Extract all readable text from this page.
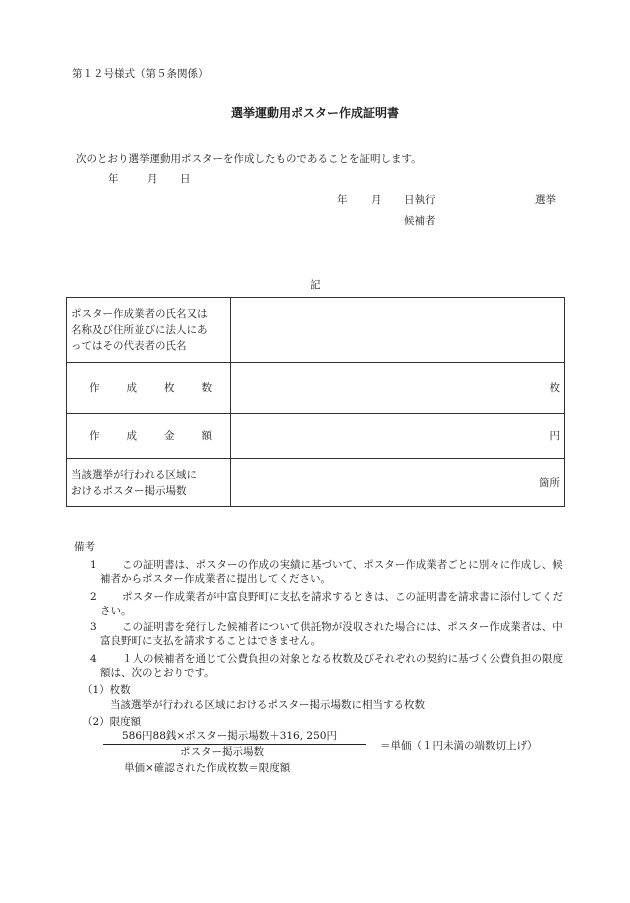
第１２号様式（第５条関係）
選挙運動用ポスター作成証明書
次のとおり選挙運動用ポスターを作成したものであることを証明します。
年	月 日
年 月 日執行	選挙
候補者
記
ポスター作成業者の氏名又は
名称及び住所並びに法人にあ
ってはその代表者の氏名	

作成枚数	枚

作成金額	円

当該選挙が行われる区域に
おけるポスター掲示場数	箇所
備考
1	この証明書は、ポスターの作成の実績に基づいて、ポスター作成業者ごとに別々に作成し、候補者からポスター作成業者に提出してください。
2	ポスター作成業者が中富良野町に支払を請求するときは、この証明書を請求書に添付してください。
3	この証明書を発行した候補者について供託物が没収された場合には、ポスター作成業者は、中富良野町に支払を請求することはできません。
4	１人の候補者を通じて公費負担の対象となる枚数及びそれぞれの契約に基づく公費負担の限度額は、次のとおりです。
（1）枚数
当該選挙が行われる区域におけるポスター掲示場数に相当する枚数
（2）限度額
586円88銭×ポスター掲示場数＋316, 250円
ポスター掲示場数	＝単価（１円未満の端数切上げ）
単価×確認された作成枚数＝限度額
